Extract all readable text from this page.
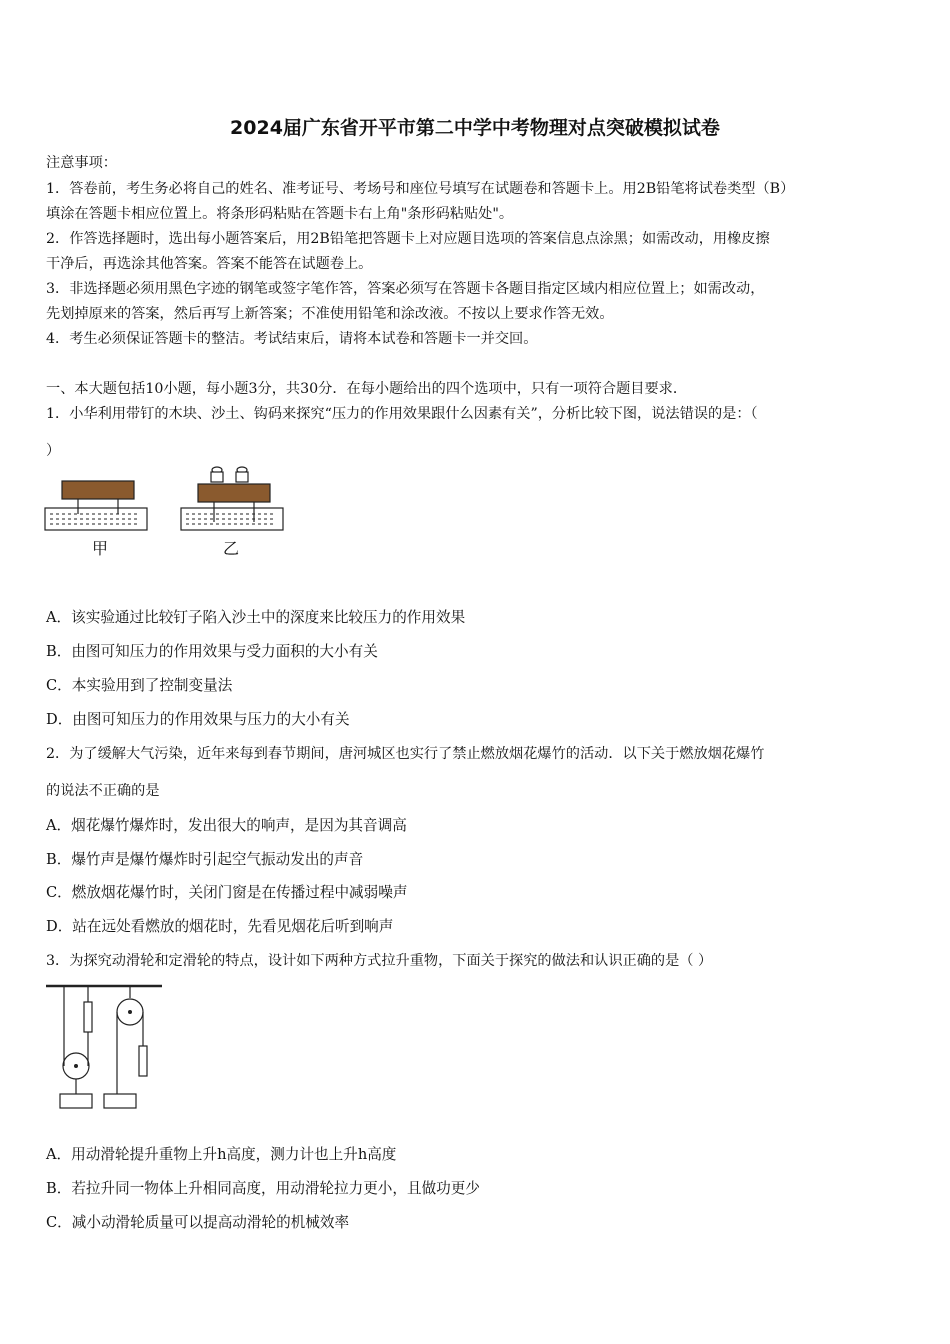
2024届广东省开平市第二中学中考物理对点突破模拟试卷
注意事项：
1．答卷前，考生务必将自己的姓名、准考证号、考场号和座位号填写在试题卷和答题卡上。用2B铅笔将试卷类型（B）
填涂在答题卡相应位置上。将条形码粘贴在答题卡右上角"条形码粘贴处"。
2．作答选择题时，选出每小题答案后，用2B铅笔把答题卡上对应题目选项的答案信息点涂黑；如需改动，用橡皮擦
干净后，再选涂其他答案。答案不能答在试题卷上。
3．非选择题必须用黑色字迹的钢笔或签字笔作答，答案必须写在答题卡各题目指定区域内相应位置上；如需改动，
先划掉原来的答案，然后再写上新答案；不准使用铅笔和涂改液。不按以上要求作答无效。
4．考生必须保证答题卡的整洁。考试结束后，请将本试卷和答题卡一并交回。
一、本大题包括10小题，每小题3分，共30分．在每小题给出的四个选项中，只有一项符合题目要求．
1．小华利用带钉的木块、沙土、钩码来探究“压力的作用效果跟什么因素有关”，分析比较下图，说法错误的是：（
）
甲	乙
A．该实验通过比较钉子陷入沙土中的深度来比较压力的作用效果
B．由图可知压力的作用效果与受力面积的大小有关
C．本实验用到了控制变量法
D．由图可知压力的作用效果与压力的大小有关
2．为了缓解大气污染，近年来每到春节期间，唐河城区也实行了禁止燃放烟花爆竹的活动．以下关于燃放烟花爆竹
的说法不正确的是
A．烟花爆竹爆炸时，发出很大的响声，是因为其音调高
B．爆竹声是爆竹爆炸时引起空气振动发出的声音
C．燃放烟花爆竹时，关闭门窗是在传播过程中减弱噪声
D．站在远处看燃放的烟花时，先看见烟花后听到响声
3．为探究动滑轮和定滑轮的特点，设计如下两种方式拉升重物，下面关于探究的做法和认识正确的是（ ）
A．用动滑轮提升重物上升h高度，测力计也上升h高度
B．若拉升同一物体上升相同高度，用动滑轮拉力更小，且做功更少
C．减小动滑轮质量可以提高动滑轮的机械效率
